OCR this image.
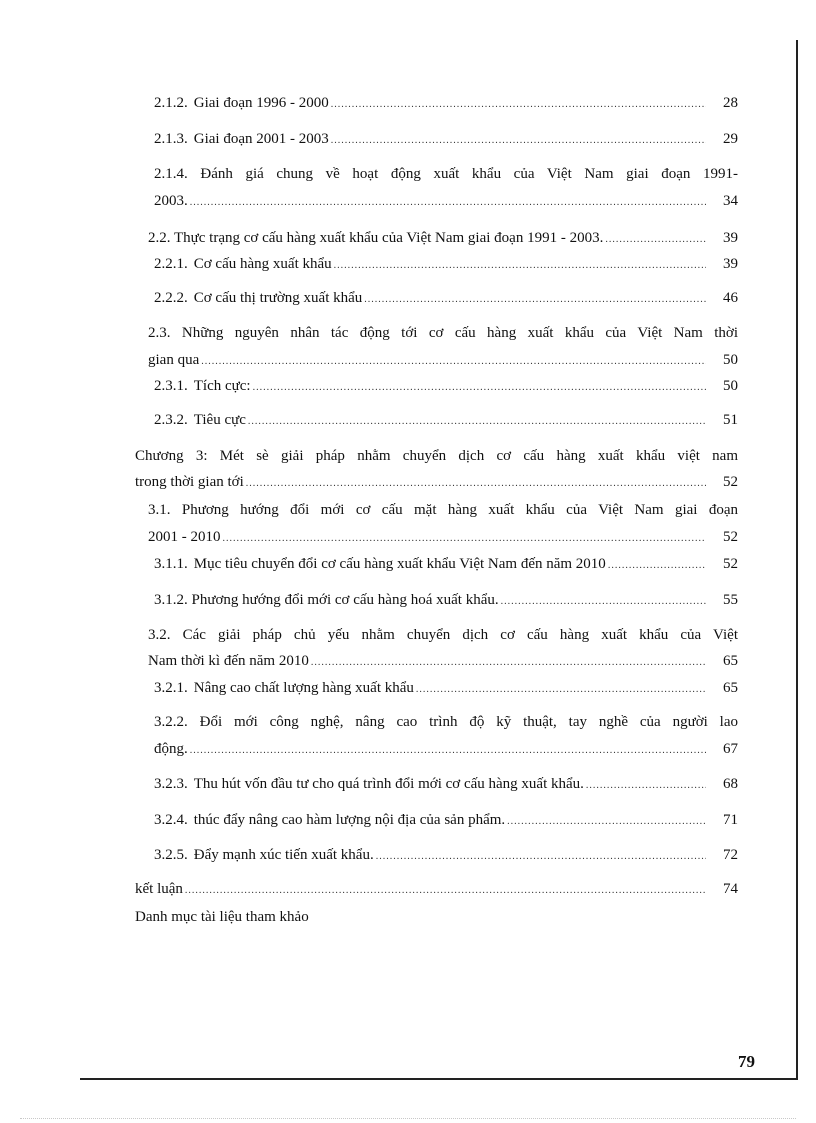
2.1.2. Giai đoạn 1996 - 2000 .....	28
2.1.3. Giai đoạn 2001 - 2003 .....	29
2.1.4. Đánh giá chung về hoạt động xuất khẩu của Việt Nam giai đoạn 1991-
2003. .....	34
2.2. Thực trạng cơ cấu hàng xuất khẩu của Việt Nam giai đoạn 1991 - 2003. .....	39
2.2.1. Cơ cấu hàng xuất khẩu .....	39
2.2.2. Cơ cấu thị trường xuất khẩu .....	46
2.3. Những nguyên nhân tác động tới cơ cấu hàng xuất khẩu của Việt Nam thời
gian qua .....	50
2.3.1. Tích cực: .....	50
2.3.2. Tiêu cực .....	51
Chương 3: Mét sè giải pháp nhằm chuyển dịch cơ cấu hàng xuất khẩu việt nam
trong thời gian tới .....	52
3.1. Phương hướng đổi mới cơ cấu mặt hàng xuất khẩu của Việt Nam giai đoạn
2001 - 2010 .....	52
3.1.1. Mục tiêu chuyển đổi cơ cấu hàng xuất khẩu Việt Nam đến năm 2010 .....	52
3.1.2. Phương hướng đổi mới cơ cấu hàng hoá xuất khẩu. .....	55
3.2. Các giải pháp chủ yếu nhằm chuyển dịch cơ cấu hàng xuất khẩu của Việt
Nam thời kì đến năm 2010 .....	65
3.2.1. Nâng cao chất lượng hàng xuất khẩu .....	65
3.2.2. Đổi mới công nghệ, nâng cao trình độ kỹ thuật, tay nghề của người lao
động. .....	67
3.2.3. Thu hút vốn đầu tư cho quá trình đổi mới cơ cấu hàng xuất khẩu. .....	68
3.2.4. thúc đẩy nâng cao hàm lượng nội địa của sản phẩm. .....	71
3.2.5. Đẩy mạnh xúc tiến xuất khẩu. .....	72
kết luận .....	74
Danh mục tài liệu tham khảo
79
